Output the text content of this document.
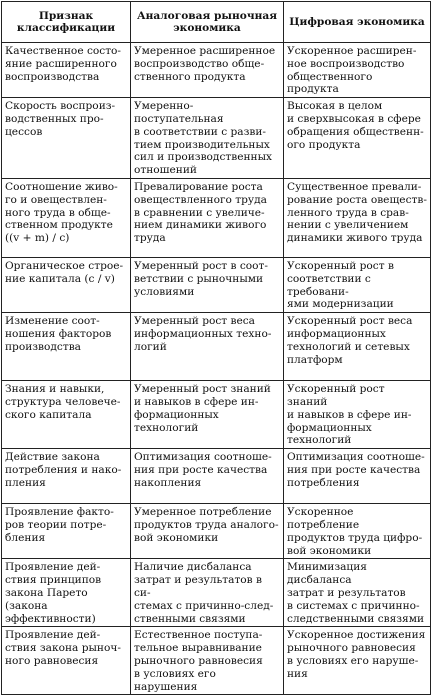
Признак классификации	Аналоговая рыночная экономика	Цифровая экономика

Качественное состо-
яние расширенного
воспроизводства	Умеренное расширенное
воспроизводство обще-
ственного продукта	Ускоренное расширен-
ное воспроизводство
общественного продукта

Скорость воспроиз-
водственных про-
цессов	Умеренно-поступательная
в соответствии с разви-
тием производительных
сил и производственных
отношений	Высокая в целом
и сверхвысокая в сфере
обращения общественн-
ого продукта

Соотношение живо-
го и овеществлен-
ного труда в обще-
ственном продукте
((v + m) / c)	Превалирование роста
овеществленного труда
в сравнении с увеличе-
нием динамики живого
труда	Существенное превали-
рование роста овеществ-
ленного труда в срав-
нении с увеличением
динамики живого труда

Органическое строе-
ние капитала (c / v)	Умеренный рост в соот-
ветствии с рыночными
условиями	Ускоренный рост в
соответствии с требовани-
ями модернизации

Изменение соот-
ношения факторов
производства	Умеренный рост веса
информационных техно-
логий	Ускоренный рост веса
информационных
технологий и сетевых
платформ

Знания и навыки,
структура человече-
ского капитала	Умеренный рост знаний
и навыков в сфере ин-
формационных технологий	Ускоренный рост знаний
и навыков в сфере ин-
формационных
технологий

Действие закона
потребления и нако-
пления	Оптимизация соотноше-
ния при росте качества
накопления	Оптимизация соотноше-
ния при росте качества
потребления

Проявление факто-
ров теории потре-
бления	Умеренное потребление
продуктов труда аналого-
вой экономики	Ускоренное потребление
продуктов труда цифро-
вой экономики

Проявление дей-
ствия принципов
закона Парето (закона
эффективности)	Наличие дисбаланса
затрат и результатов в си-
стемах с причинно-след-
ственными связями	Минимизация дисбаланса
затрат и результатов
в системах с причинно-
следственными связями

Проявление дей-
ствия закона рыноч-
ного равновесия	Естественное поступа-
тельное выравнивание
рыночного равновесия
в условиях его нарушения	Ускоренное достижения
рыночного равновесия
в условиях его наруше-
ния
